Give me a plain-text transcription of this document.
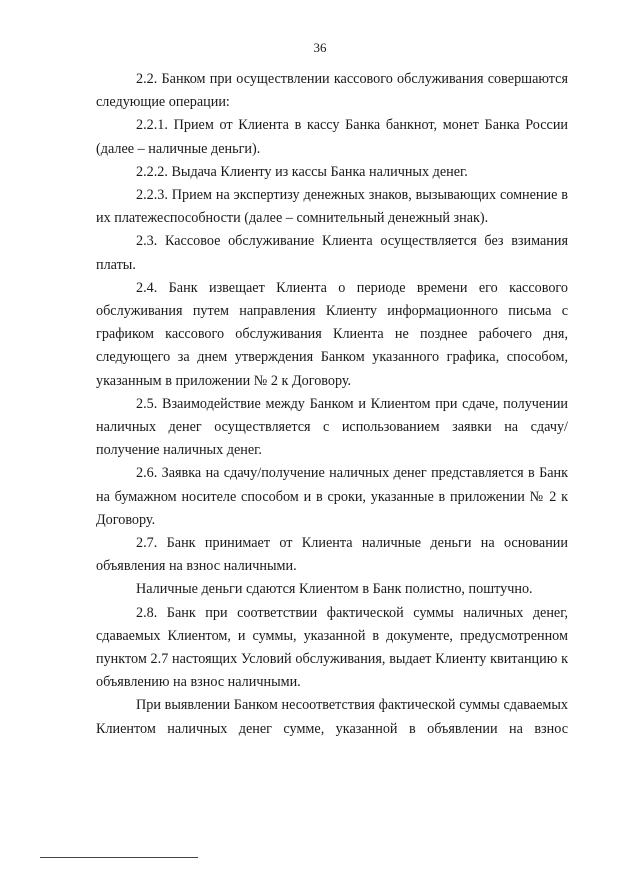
36

2.2. Банком при осуществлении кассового обслуживания совершаются следующие операции:

2.2.1. Прием от Клиента в кассу Банка банкнот, монет Банка России (далее – наличные деньги).

2.2.2. Выдача Клиенту из кассы Банка наличных денег.

2.2.3. Прием на экспертизу денежных знаков, вызывающих сомнение в их платежеспособности (далее – сомнительный денежный знак).

2.3. Кассовое обслуживание Клиента осуществляется без взимания платы.

2.4. Банк извещает Клиента о периоде времени его кассового обслуживания путем направления Клиенту информационного письма с графиком кассового обслуживания Клиента не позднее рабочего дня, следующего за днем утверждения Банком указанного графика, способом, указанным в приложении № 2 к Договору.

2.5. Взаимодействие между Банком и Клиентом при сдаче, получении наличных денег осуществляется с использованием заявки на сдачу/получение наличных денег.

2.6. Заявка на сдачу/получение наличных денег представляется в Банк на бумажном носителе способом и в сроки, указанные в приложении № 2 к Договору.

2.7. Банк принимает от Клиента наличные деньги на основании объявления на взнос наличными.

Наличные деньги сдаются Клиентом в Банк полистно, поштучно.

2.8. Банк при соответствии фактической суммы наличных денег, сдаваемых Клиентом, и суммы, указанной в документе, предусмотренном пунктом 2.7 настоящих Условий обслуживания, выдает Клиенту квитанцию к объявлению на взнос наличными.

При выявлении Банком несоответствия фактической суммы сдаваемых Клиентом наличных денег сумме, указанной в объявлении на взнос
